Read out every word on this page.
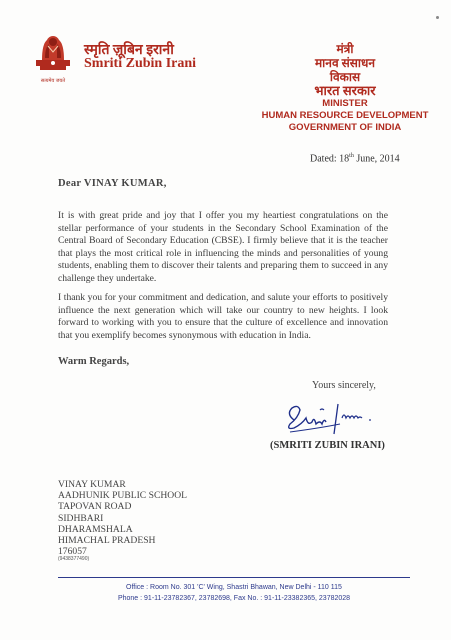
सत्यमेव जयते
स्मृति ज़ूबिन इरानी
Smriti Zubin Irani
मंत्री
मानव संसाधन
विकास
भारत सरकार
MINISTER
HUMAN RESOURCE DEVELOPMENT
GOVERNMENT OF INDIA
Dated: 18th June, 2014
Dear VINAY KUMAR,
It is with great pride and joy that I offer you my heartiest congratulations on the stellar performance of your students in the Secondary School Examination of the Central Board of Secondary Education (CBSE). I firmly believe that it is the teacher that plays the most critical role in influencing the minds and personalities of young students, enabling them to discover their talents and preparing them to succeed in any challenge they undertake.
I thank you for your commitment and dedication, and salute your efforts to positively influence the next generation which will take our country to new heights. I look forward to working with you to ensure that the culture of excellence and innovation that you exemplify becomes synonymous with education in India.
Warm Regards,
Yours sincerely,
(SMRITI ZUBIN IRANI)
VINAY KUMAR
AADHUNIK PUBLIC SCHOOL
TAPOVAN ROAD
SIDHBARI
DHARAMSHALA
HIMACHAL PRADESH
176057
(9438377490)
Office : Room No. 301 'C' Wing, Shastri Bhawan, New Delhi - 110 115
Phone : 91-11-23782367, 23782698, Fax No. : 91-11-23382365, 23782028
